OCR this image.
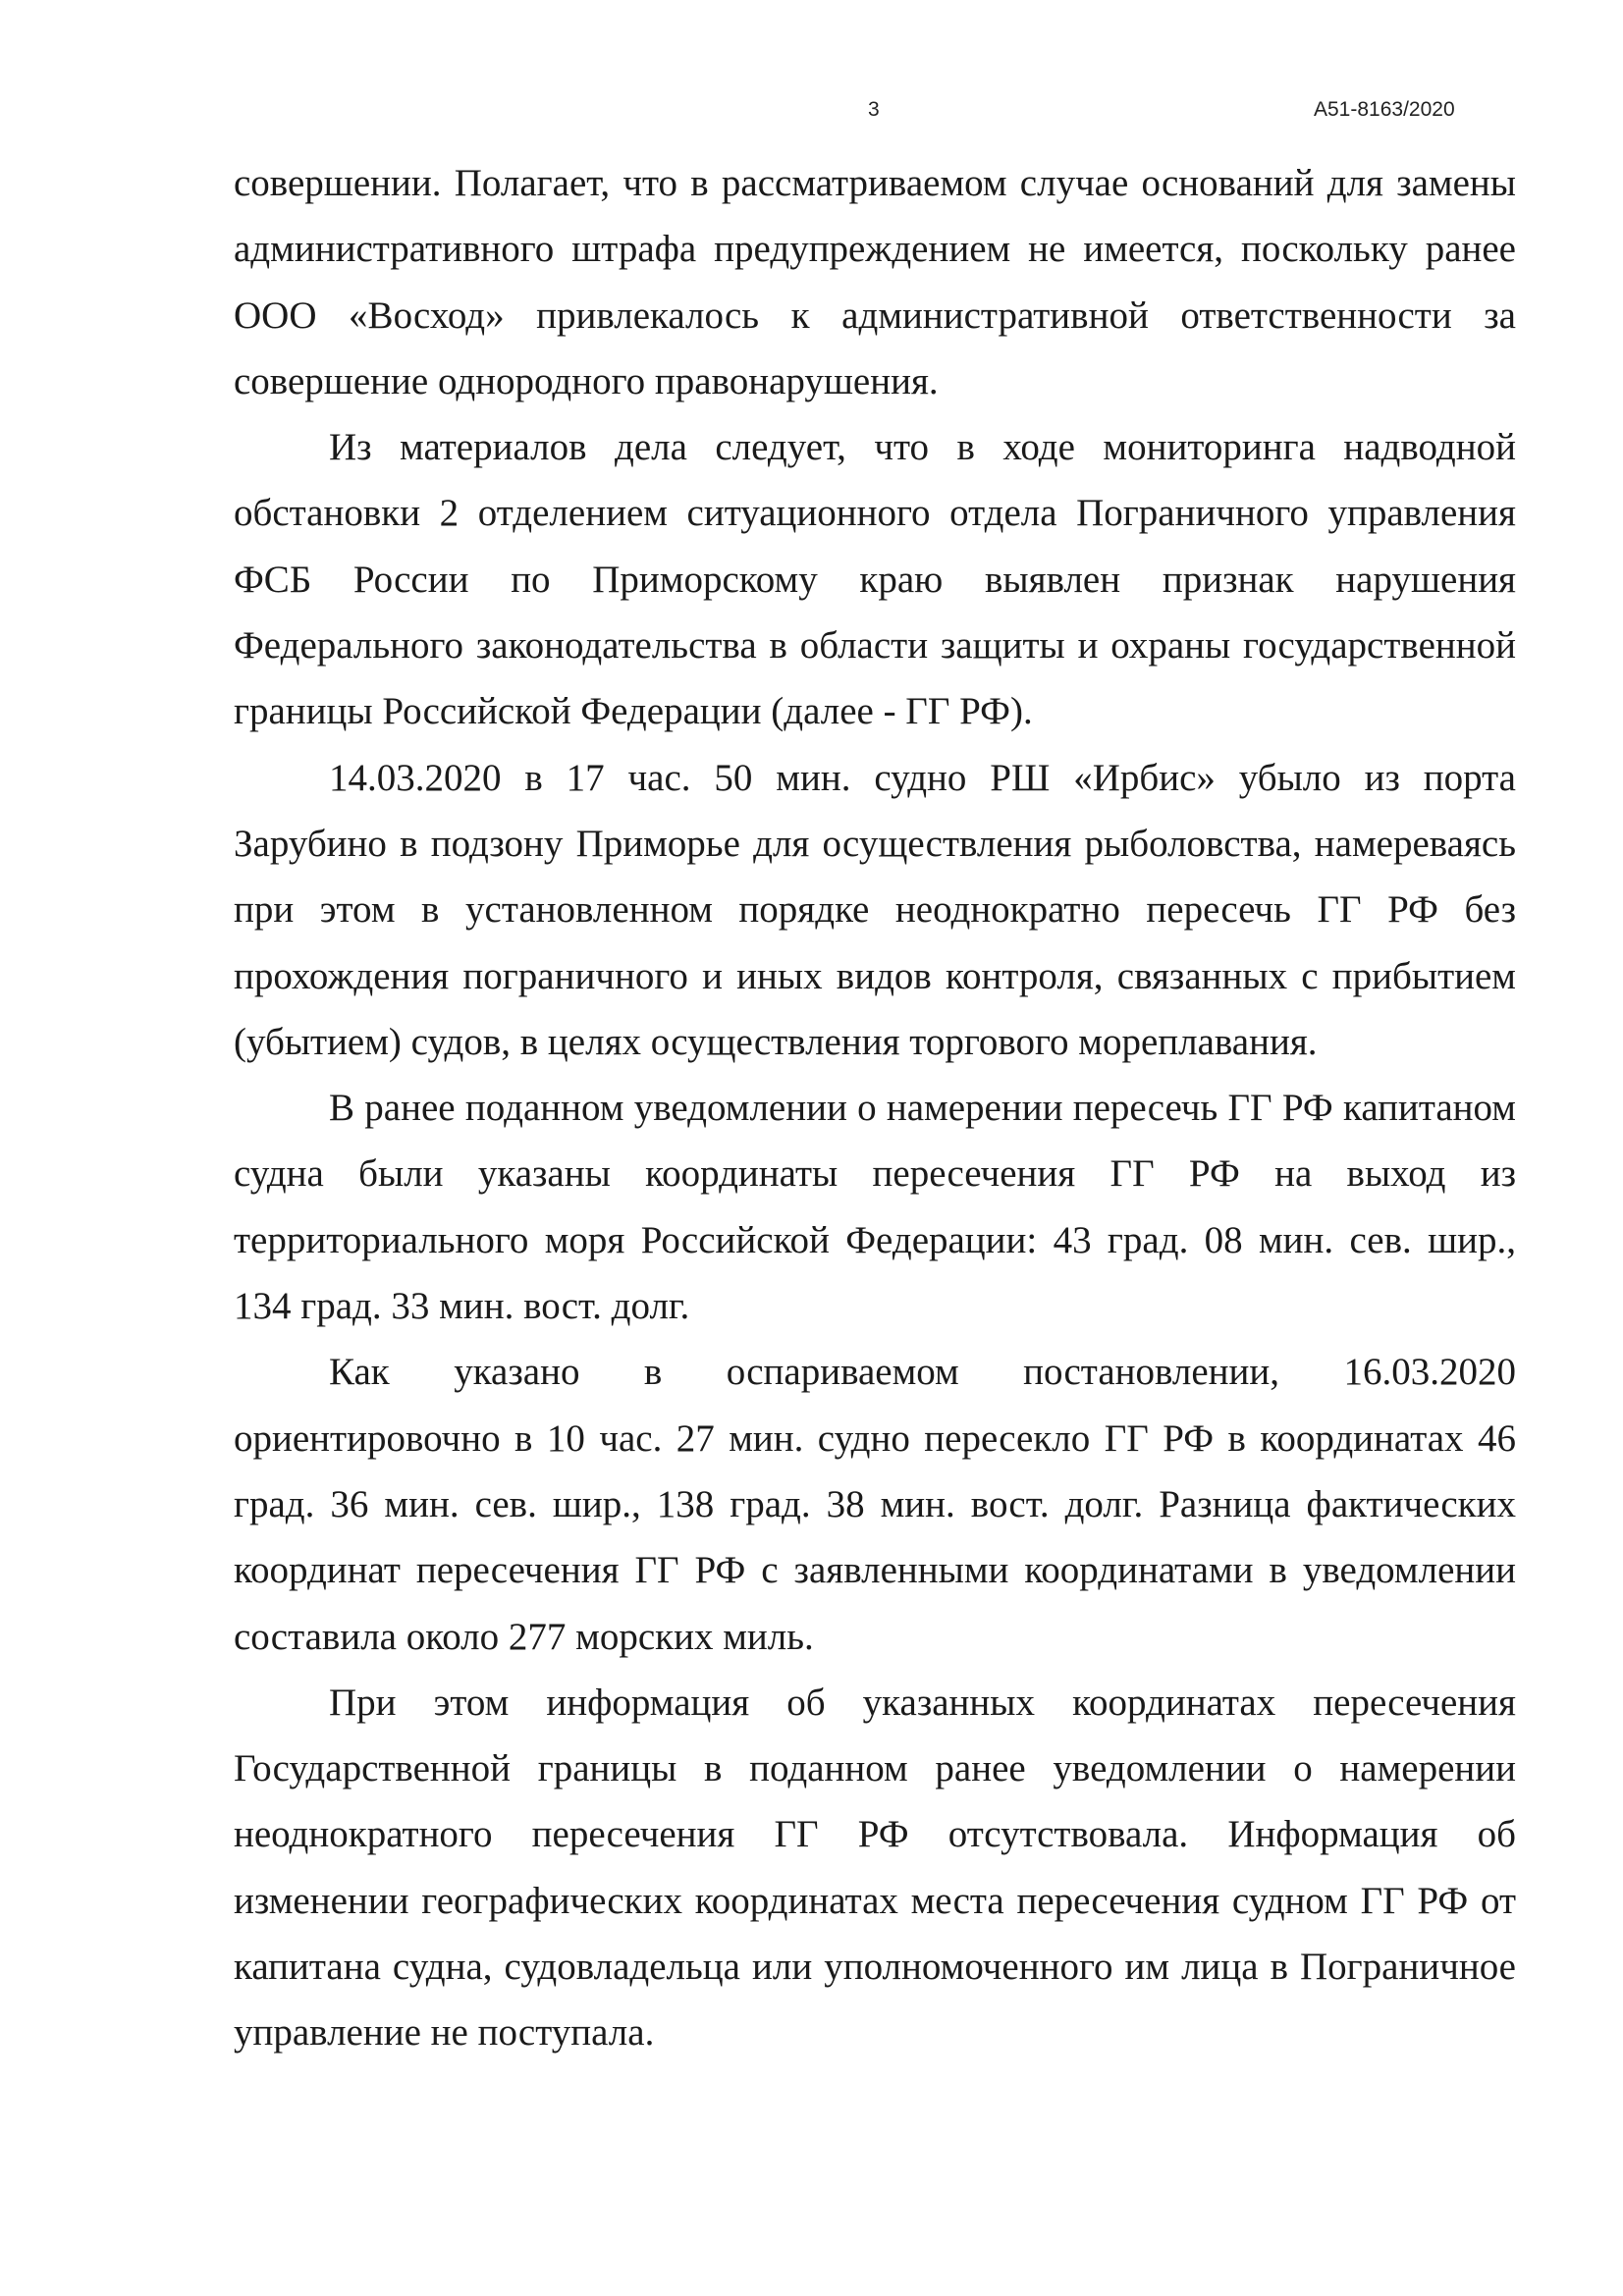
3	А51-8163/2020

совершении. Полагает, что в рассматриваемом случае оснований для замены административного штрафа предупреждением не имеется, поскольку ранее ООО «Восход» привлекалось к административной ответственности за совершение однородного правонарушения.

Из материалов дела следует, что в ходе мониторинга надводной обстановки 2 отделением ситуационного отдела Пограничного управления ФСБ России по Приморскому краю выявлен признак нарушения Федерального законодательства в области защиты и охраны государственной границы Российской Федерации (далее - ГГ РФ).

14.03.2020 в 17 час. 50 мин. судно РШ «Ирбис» убыло из порта Зарубино в подзону Приморье для осуществления рыболовства, намереваясь при этом в установленном порядке неоднократно пересечь ГГ РФ без прохождения пограничного и иных видов контроля, связанных с прибытием (убытием) судов, в целях осуществления торгового мореплавания.

В ранее поданном уведомлении о намерении пересечь ГГ РФ капитаном судна были указаны координаты пересечения ГГ РФ на выход из территориального моря Российской Федерации: 43 град. 08 мин. сев. шир., 134 град. 33 мин. вост. долг.

Как указано в оспариваемом постановлении, 16.03.2020 ориентировочно в 10 час. 27 мин. судно пересекло ГГ РФ в координатах 46 град. 36 мин. сев. шир., 138 град. 38 мин. вост. долг. Разница фактических координат пересечения ГГ РФ с заявленными координатами в уведомлении составила около 277 морских миль.

При этом информация об указанных координатах пересечения Государственной границы в поданном ранее уведомлении о намерении неоднократного пересечения ГГ РФ отсутствовала. Информация об изменении географических координатах места пересечения судном ГГ РФ от капитана судна, судовладельца или уполномоченного им лица в Пограничное управление не поступала.
